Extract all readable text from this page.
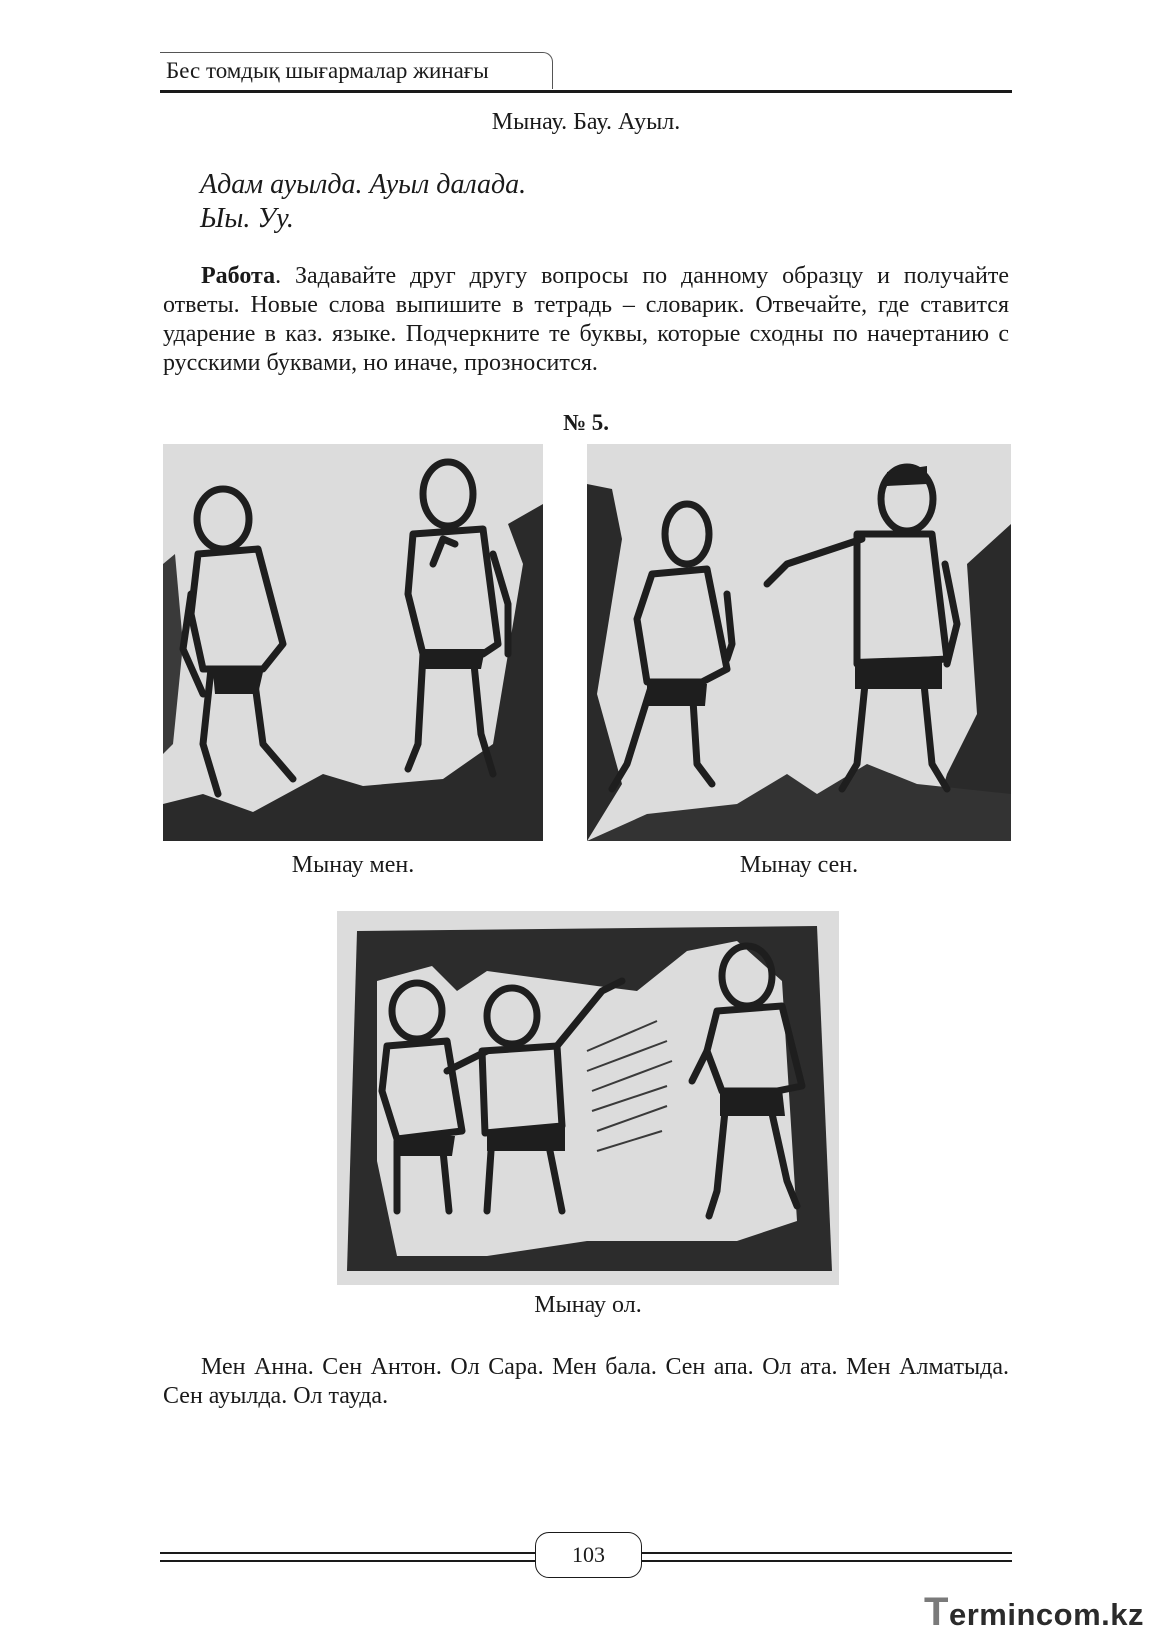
Бес томдық шығармалар жинағы
Мынау. Бау. Ауыл.
Адам ауылда. Ауыл далада.
Ыы. Уу.

Работа. Задавайте друг другу вопросы по данному образцу и получайте ответы. Новые слова выпишите в тетрадь – словарик. Отвечайте, где ставится ударение в каз. языке. Подчеркните те буквы, которые сходны по начертанию с русскими буквами, но иначе, прозносится.

№ 5.
Мынау мен.	Мынау сен.
Мынау ол.

Мен Анна. Сен Антон. Ол Сара. Мен бала. Сен апа. Ол ата. Мен Алматыда. Сен ауылда. Ол тауда.

103
Termincom.kz
